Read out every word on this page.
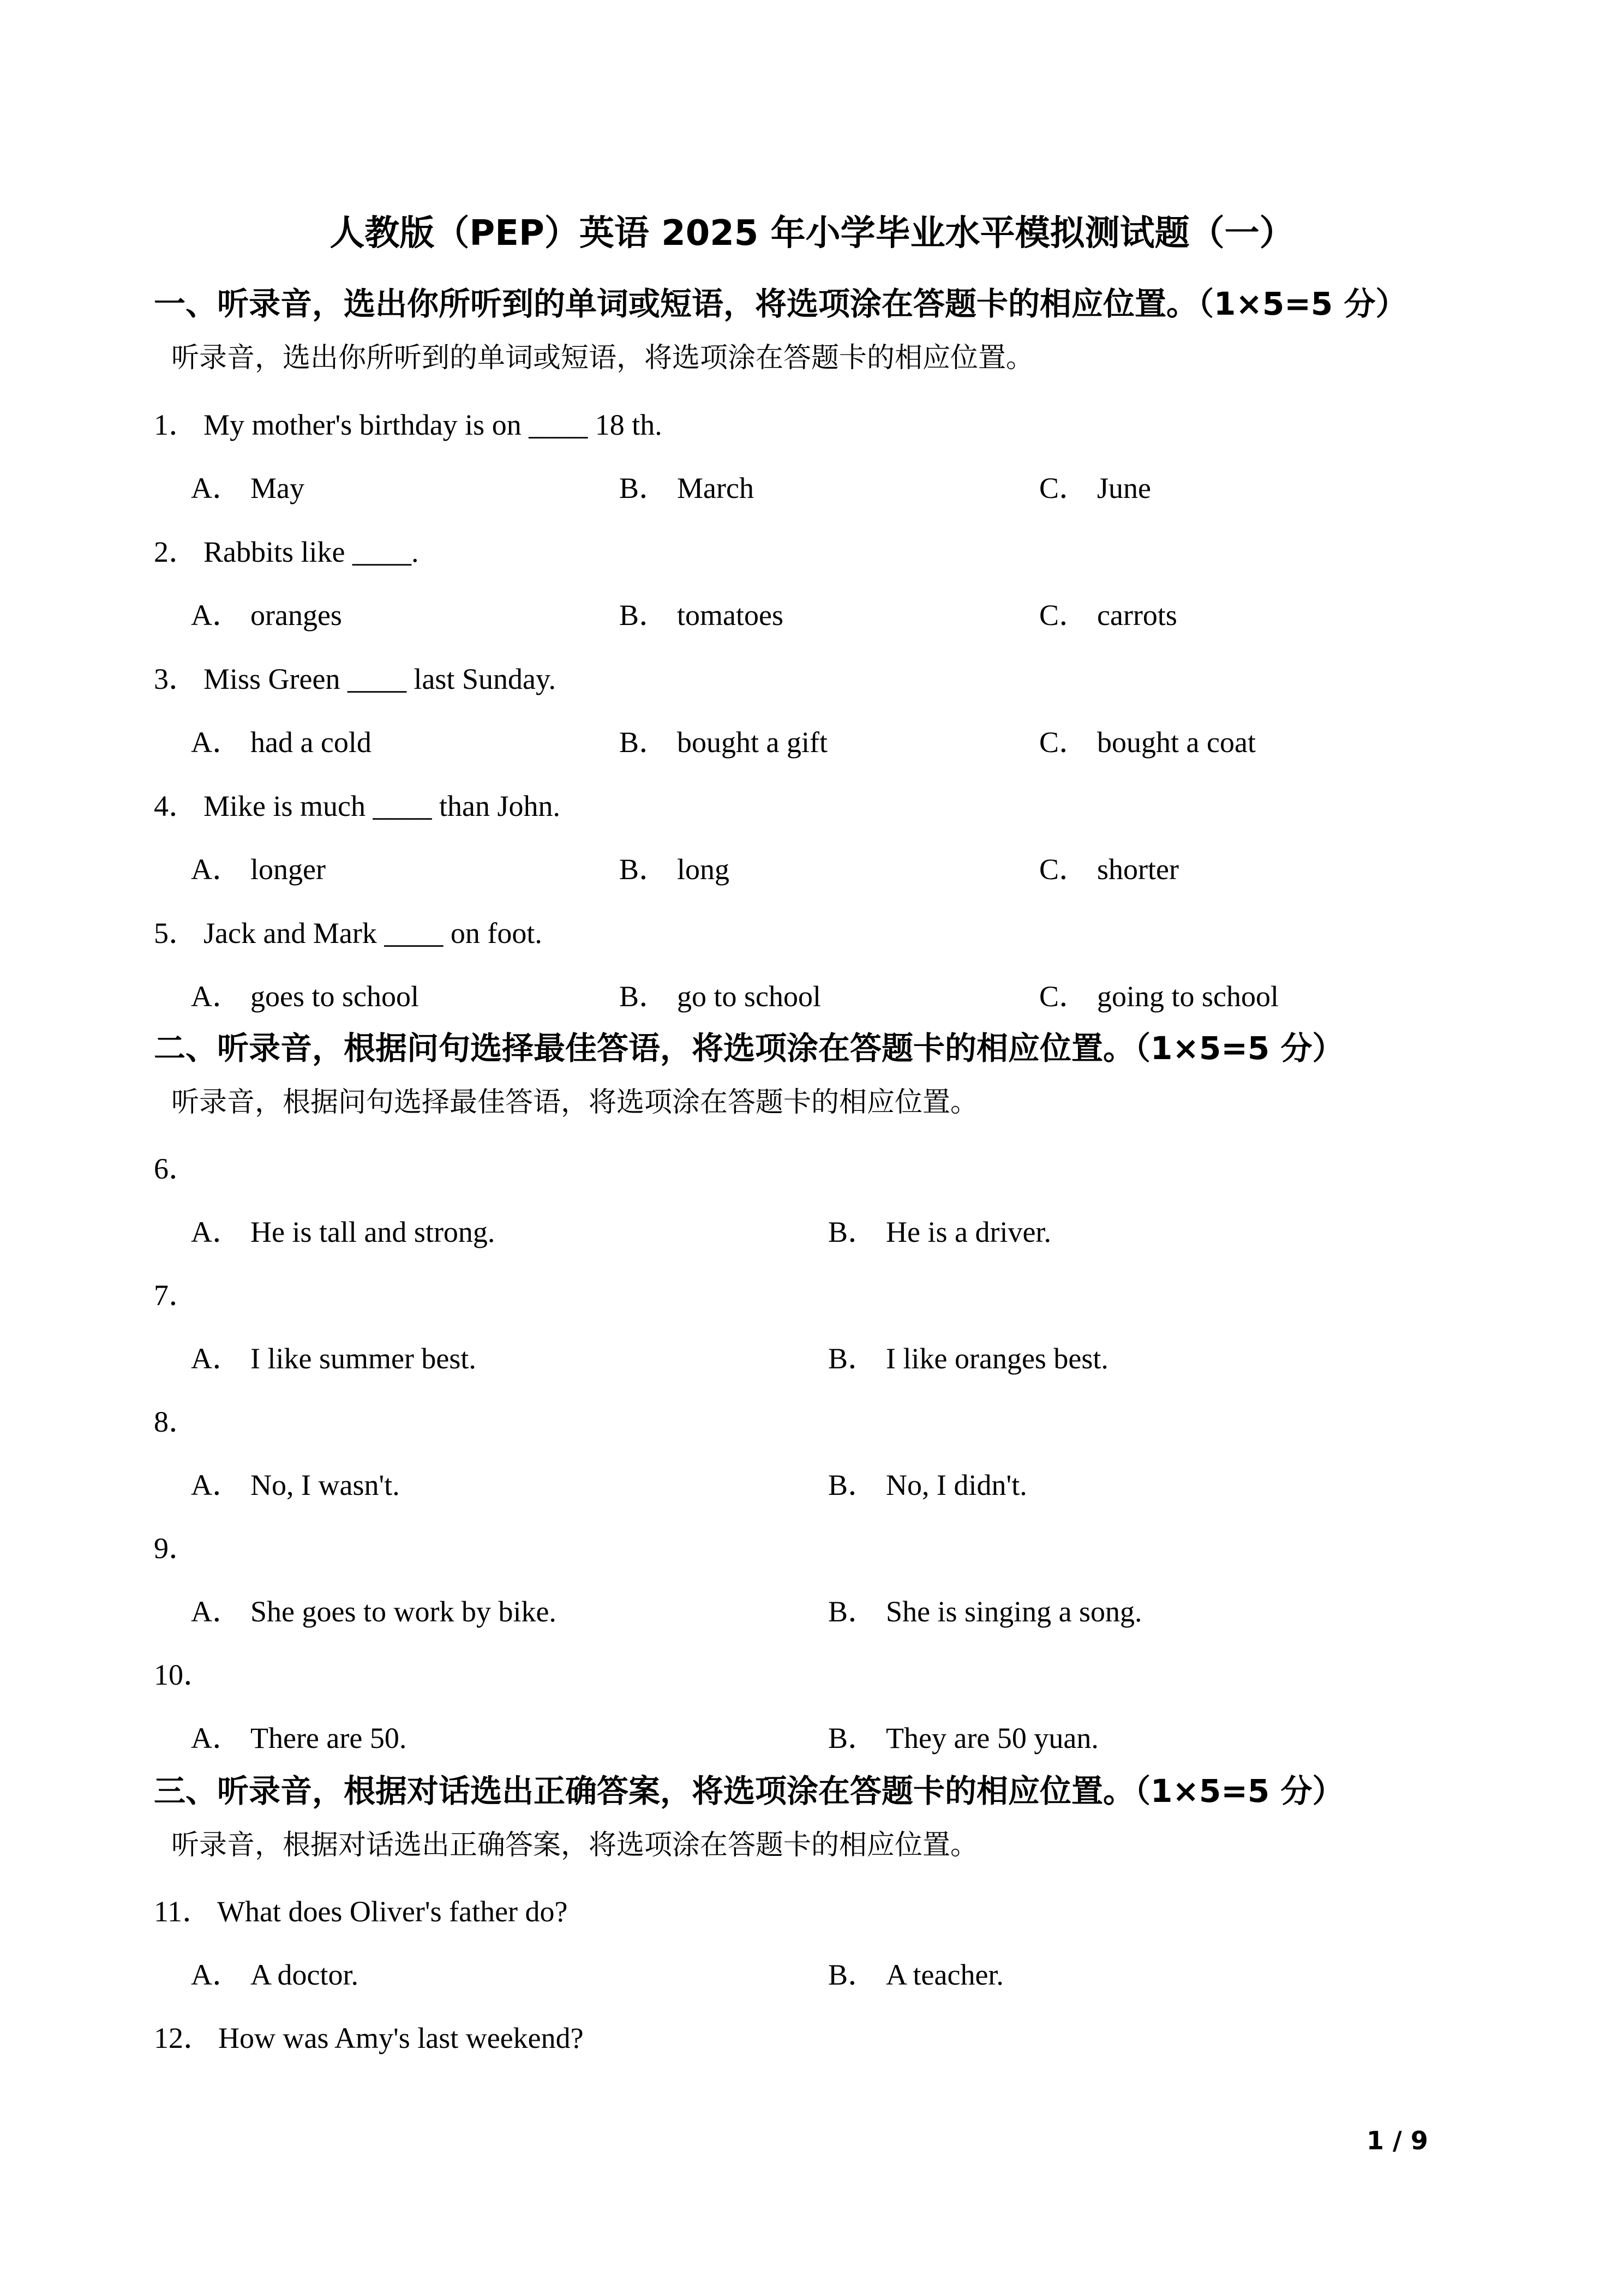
人教版（PEP）英语 2025 年小学毕业水平模拟测试题（一）
一、听录音，选出你所听到的单词或短语，将选项涂在答题卡的相应位置。（1×5=5 分）
听录音，选出你所听到的单词或短语，将选项涂在答题卡的相应位置。
1． My mother's birthday is on ____ 18 th.
A． May	B． March	C． June
2． Rabbits like ____.
A． oranges	B． tomatoes	C． carrots
3． Miss Green ____ last Sunday.
A． had a cold	B． bought a gift	C． bought a coat
4． Mike is much ____ than John.
A． longer	B． long	C． shorter
5． Jack and Mark ____ on foot.
A． goes to school	B． go to school	C． going to school
二、听录音，根据问句选择最佳答语，将选项涂在答题卡的相应位置。（1×5=5 分）
听录音，根据问句选择最佳答语，将选项涂在答题卡的相应位置。
6．
A． He is tall and strong.	B． He is a driver.
7．
A． I like summer best.	B． I like oranges best.
8．
A． No, I wasn't.	B． No, I didn't.
9．
A． She goes to work by bike.	B． She is singing a song.
10．
A． There are 50.	B． They are 50 yuan.
三、听录音，根据对话选出正确答案，将选项涂在答题卡的相应位置。（1×5=5 分）
听录音，根据对话选出正确答案，将选项涂在答题卡的相应位置。
11． What does Oliver's father do?
A． A doctor.	B． A teacher.
12． How was Amy's last weekend?
1 / 9
